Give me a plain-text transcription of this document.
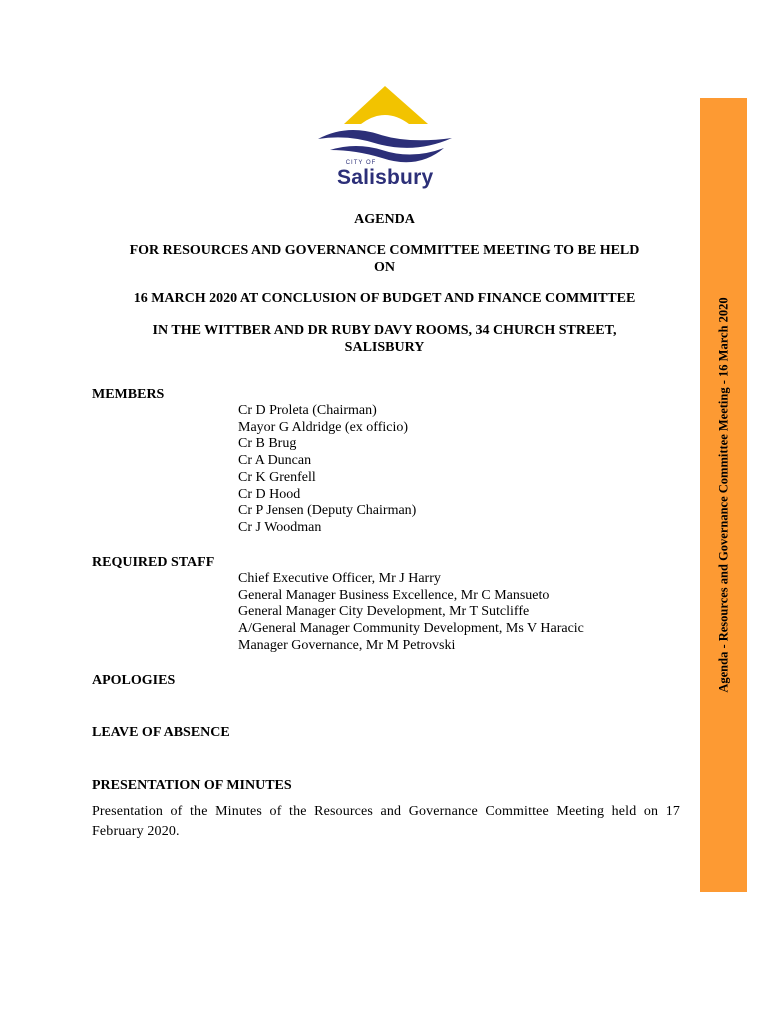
CITY OF
Salisbury
AGENDA
FOR RESOURCES AND GOVERNANCE COMMITTEE MEETING TO BE HELD
ON
16 MARCH 2020 AT CONCLUSION OF BUDGET AND FINANCE COMMITTEE
IN THE WITTBER AND DR RUBY DAVY ROOMS, 34 CHURCH STREET,
SALISBURY
MEMBERS
Cr D Proleta (Chairman)
Mayor G Aldridge (ex officio)
Cr B Brug
Cr A Duncan
Cr K Grenfell
Cr D Hood
Cr P Jensen (Deputy Chairman)
Cr J Woodman
REQUIRED STAFF
Chief Executive Officer, Mr J Harry
General Manager Business Excellence, Mr C Mansueto
General Manager City Development, Mr T Sutcliffe
A/General Manager Community Development, Ms V Haracic
Manager Governance, Mr M Petrovski
APOLOGIES
LEAVE OF ABSENCE
PRESENTATION OF MINUTES
Presentation of the Minutes of the Resources and Governance Committee Meeting held on 17 February 2020.
Agenda - Resources and Governance Committee Meeting - 16 March 2020
